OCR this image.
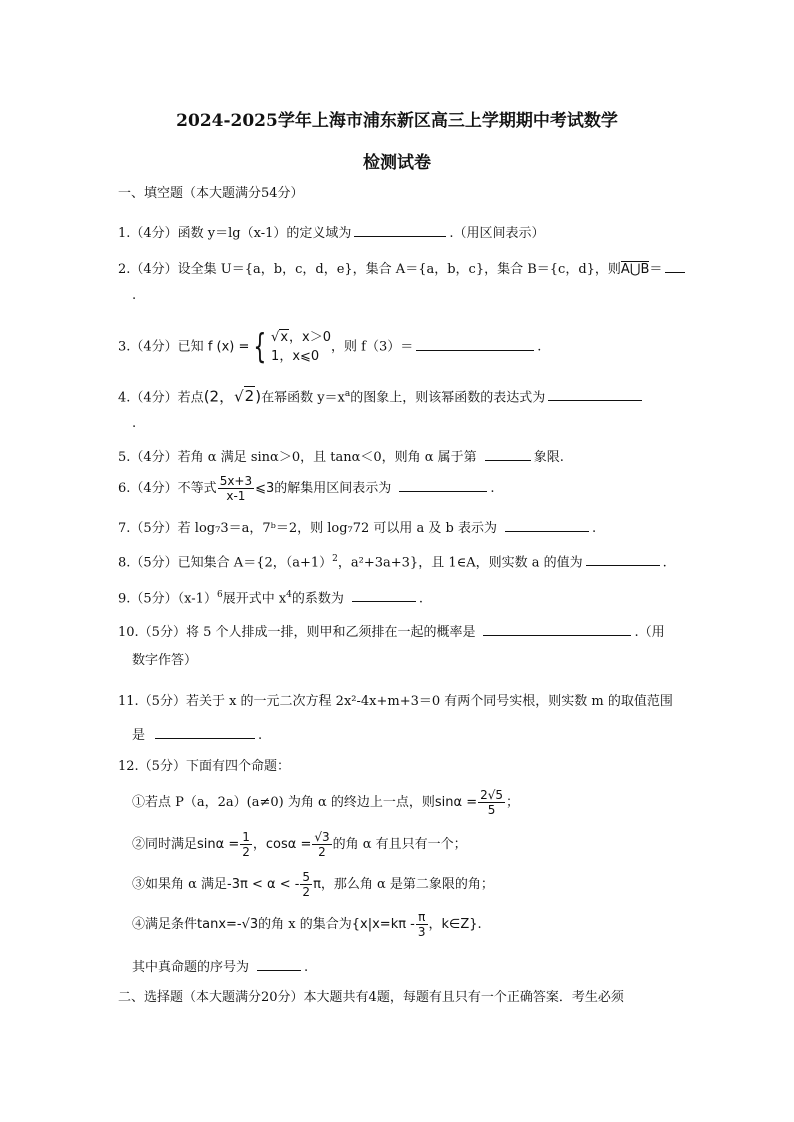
2024-2025学年上海市浦东新区高三上学期期中考试数学
检测试卷
一、填空题（本大题满分54分）
1.（4分）函数 y＝lg（x-1）的定义域为	.（用区间表示）
2.（4分）设全集 U＝{a，b，c，d，e}，集合 A＝{a，b，c}，集合 B＝{c，d}，则A⋃B＝
.
3.（4分）已知 f (x) = { √x，x＞0
1，x⩽0
，则 f（3）＝	.
4.（4分）若点(2，√2)在幂函数 $y=x^a$的图象上，则该幂函数的表达式为
.
5.（4分）若角 α 满足 sinα＞0，且 tanα＜0，则角 α 属于第	象限.
6.（4分）不等式 $\frac{5x+3}{x-1}$ ⩽3的解集用区间表示为	.
7.（5分）若 log₇3＝a，7ᵇ＝2，则 log₇72 可以用 a 及 b 表示为	.
8.（5分）已知集合 A＝{2，$(a+1)^2$，a²+3a+3}，且 1∈A，则实数 a 的值为	.
9.（5分）$(x-1)^6$展开式中 $x^4$的系数为	.
10.（5分）将 5 个人排成一排，则甲和乙须排在一起的概率是	.（用
数字作答）
11.（5分）若关于 x 的一元二次方程 2x²-4x+m+3＝0 有两个同号实根，则实数 m 的取值范围
是	.
12.（5分）下面有四个命题：
①若点 P（a，2a）(a≠0) 为角 α 的终边上一点，则$\sin\alpha = \frac{2√5}{5}$ ；
②同时满足$\sin\alpha = \frac{1}{2}$ ，$\cos\alpha = \frac{√3}{2}$ 的角 α 有且只有一个；
③如果角 α 满足-3π < α < - $\frac{5}{2}$ π，那么角 α 是第二象限的角；
④满足条件tanx=-√3的角 x 的集合为{$x|x=k\pi - \frac{\pi}{3}$ ，k∈Z}.
其中真命题的序号为	.
二、选择题（本大题满分20分）本大题共有4题，每题有且只有一个正确答案．考生必须
